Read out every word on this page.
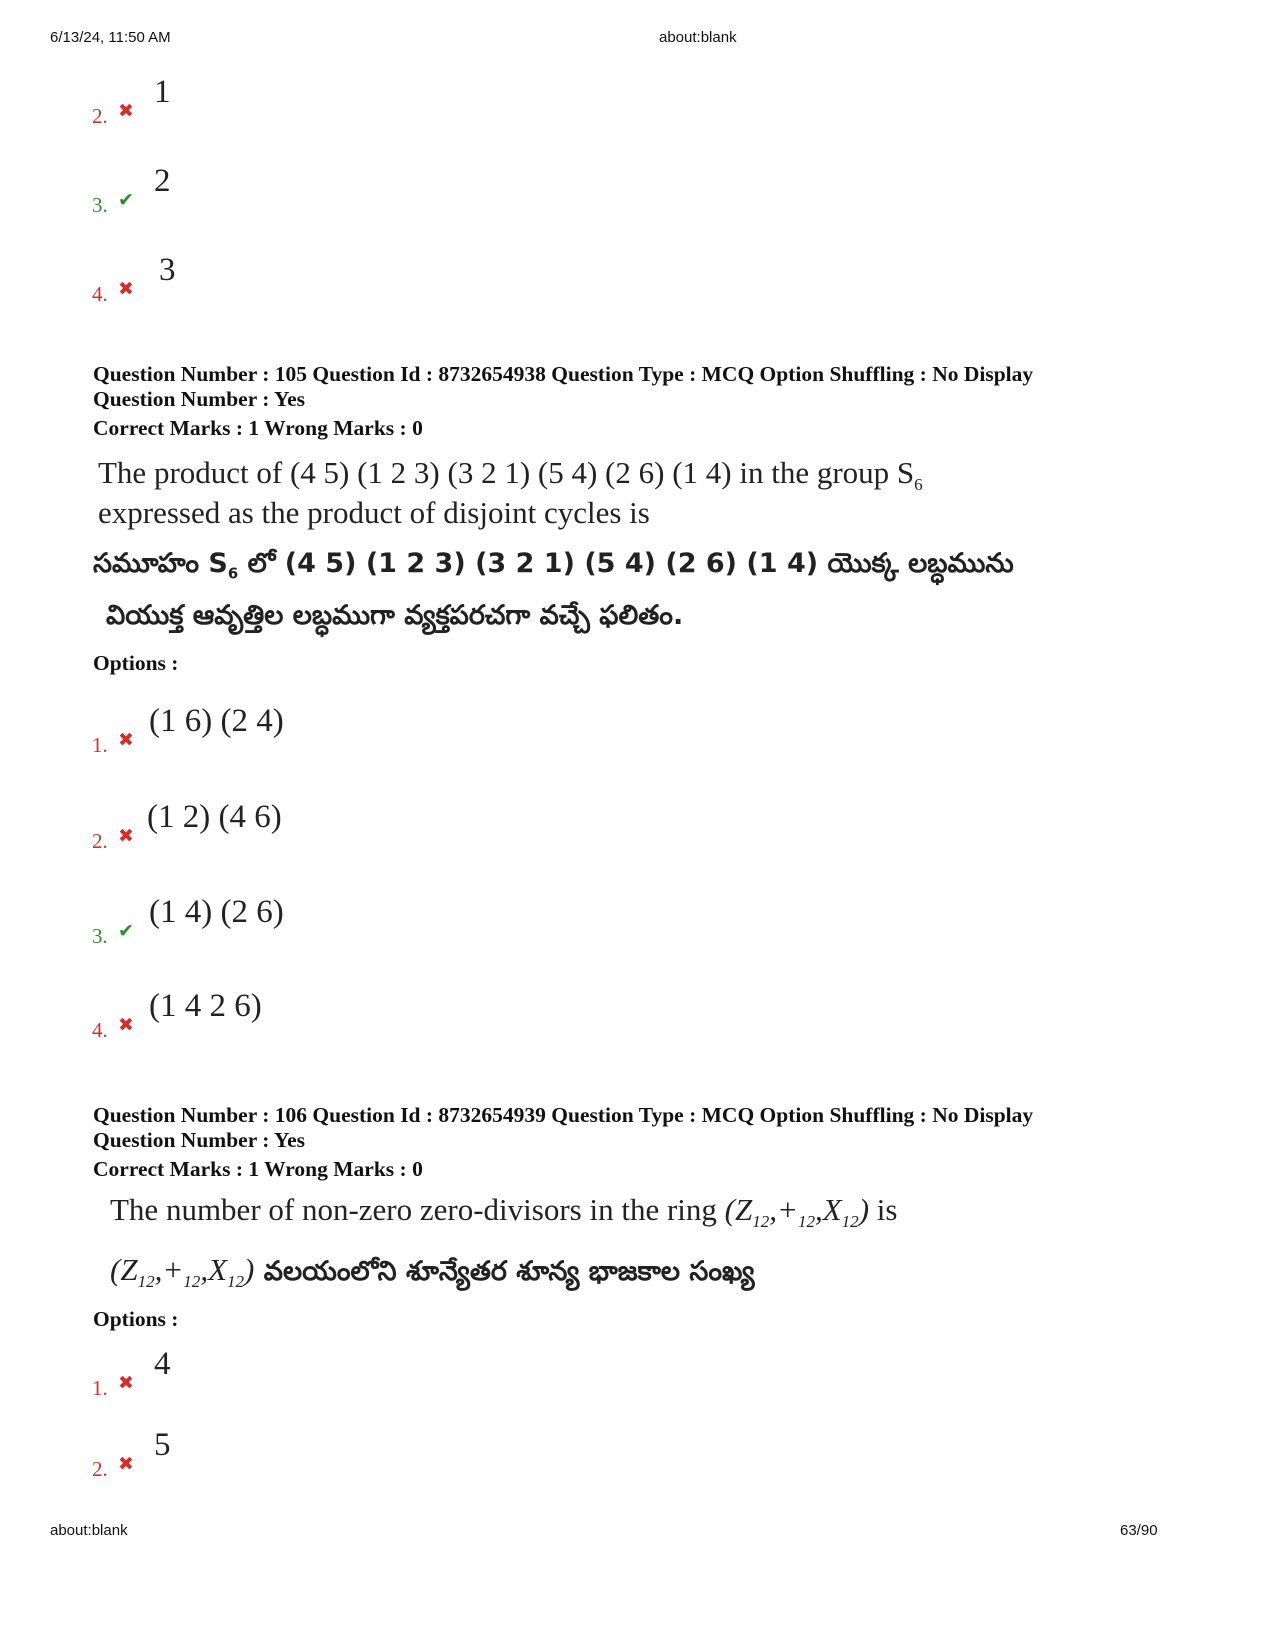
6/13/24, 11:50 AM	about:blank
2. ✖
1
3. ✔
2
4. ✖
3
Question Number : 105 Question Id : 8732654938 Question Type : MCQ Option Shuffling : No Display
Question Number : Yes
Correct Marks : 1 Wrong Marks : 0
The product of (4 5) (1 2 3) (3 2 1) (5 4) (2 6) (1 4) in the group $S_6$
expressed as the product of disjoint cycles is
సమూహం $S_6$ లో (4 5) (1 2 3) (3 2 1) (5 4) (2 6) (1 4) యొక్క లబ్ధమును
వియుక్త ఆవృత్తిల లబ్ధముగా వ్యక్తపరచగా వచ్చే ఫలితం.
Options :
1. ✖
(1 6) (2 4)
2. ✖
(1 2) (4 6)
3. ✔
(1 4) (2 6)
4. ✖
(1 4 2 6)
Question Number : 106 Question Id : 8732654939 Question Type : MCQ Option Shuffling : No Display
Question Number : Yes
Correct Marks : 1 Wrong Marks : 0
The number of non-zero zero-divisors in the ring $(Z_{12},+_{12},X_{12})$ is
$(Z_{12},+_{12},X_{12})$ వలయంలోని శూన్యేతర శూన్య భాజకాల సంఖ్య
Options :
1. ✖
4
2. ✖
5
about:blank	63/90
